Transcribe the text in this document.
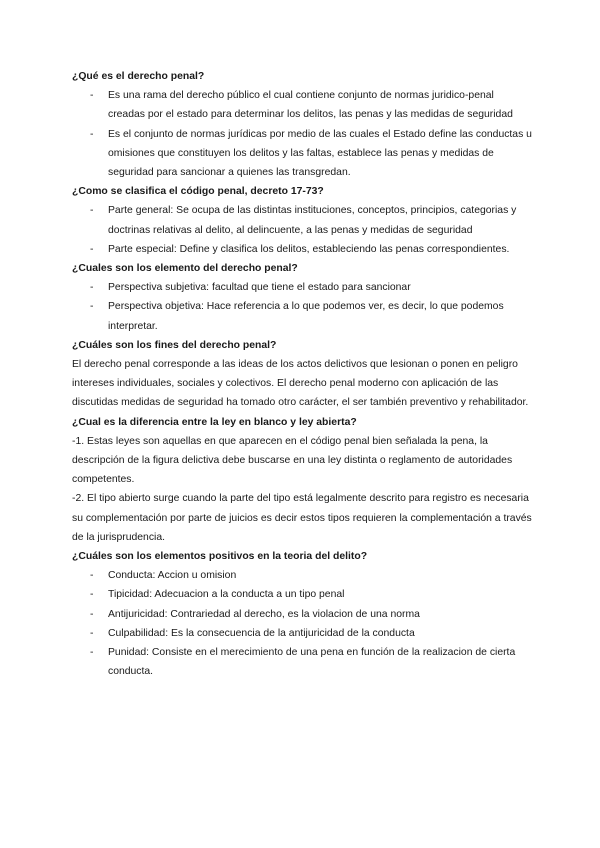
¿Qué es el derecho penal?

- Es una rama del derecho público el cual contiene conjunto de normas juridico-penal creadas por el estado para determinar los delitos, las penas y las medidas de seguridad
- Es el conjunto de normas jurídicas por medio de las cuales el Estado define las conductas u omisiones que constituyen los delitos y las faltas, establece las penas y medidas de seguridad para sancionar a quienes las transgredan.

¿Como se clasifica el código penal, decreto 17-73?

- Parte general: Se ocupa de las distintas instituciones, conceptos, principios, categorias y doctrinas relativas al delito, al delincuente, a las penas y medidas de seguridad
- Parte especial: Define y clasifica los delitos, estableciendo las penas correspondientes.

¿Cuales son los elemento del derecho penal?

- Perspectiva subjetiva: facultad que tiene el estado para sancionar
- Perspectiva objetiva: Hace referencia a lo que podemos ver, es decir, lo que podemos interpretar.

¿Cuáles son los fines del derecho penal?

El derecho penal corresponde a las ideas de los actos delictivos que lesionan o ponen en peligro intereses individuales, sociales y colectivos. El derecho penal moderno con aplicación de las discutidas medidas de seguridad ha tomado otro carácter, el ser también preventivo y rehabilitador.

¿Cual es la diferencia entre la ley en blanco y ley abierta?

-1. Estas leyes son aquellas en que aparecen en el código penal bien señalada la pena, la descripción de la figura delictiva debe buscarse en una ley distinta o reglamento de autoridades competentes.

-2. El tipo abierto surge cuando la parte del tipo está legalmente descrito para registro es necesaria su complementación por parte de juicios es decir estos tipos requieren la complementación a través de la jurisprudencia.

¿Cuáles son los elementos positivos en la teoria del delito?

- Conducta: Accion u omision
- Tipicidad: Adecuacion a la conducta a un tipo penal
- Antijuricidad: Contrariedad al derecho, es la violacion de una norma
- Culpabilidad: Es la consecuencia de la antijuricidad de la conducta
- Punidad: Consiste en el merecimiento de una pena en función de la realizacion de cierta conducta.
